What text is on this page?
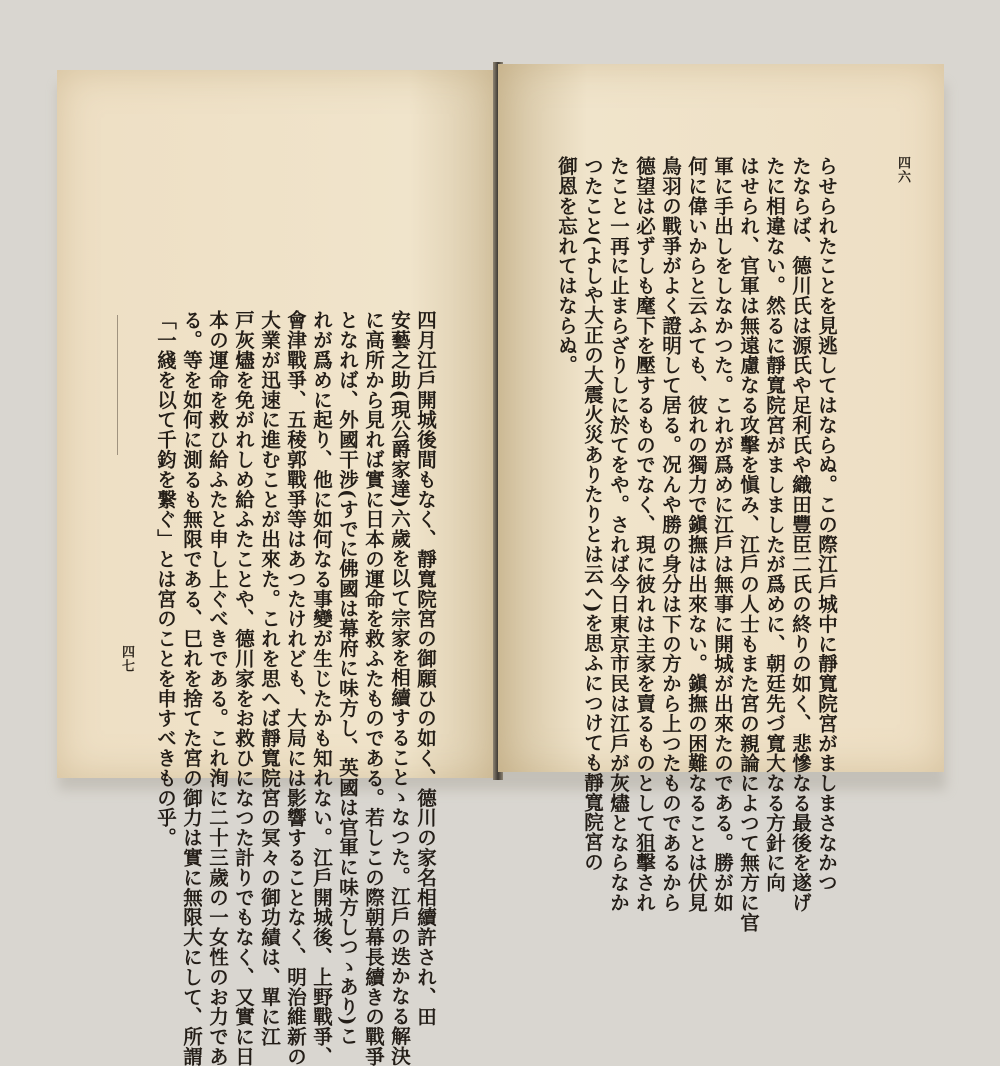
四七	四月江戶開城後間もなく、靜寬院宮の御願ひの如く、德川の家名相續許され、田
安藝之助(現公爵家達)六歲を以て宗家を相續することゝなつた。江戶の迭かなる解決
に高所から見れば實に日本の運命を救ふたものである。若しこの際朝幕長續きの戰爭
となれば、外國干涉(すでに佛國は幕府に味方し、英國は官軍に味方しつゝあり)こ
れが爲めに起り、他に如何なる事變が生じたかも知れない。江戶開城後、上野戰爭、
會津戰爭、五稜郭戰爭等はあつたけれども、大局には影響することなく、明治維新の
大業が迅速に進むことが出來た。これを思へば靜寬院宮の冥々の御功績は、單に江
戸灰燼を免がれしめ給ふたことや、德川家をお救ひになつた計りでもなく、又實に日
本の運命を救ひ給ふたと申し上ぐべきである。これ洵に二十三歲の一女性のお力であ
る。等を如何に測るも無限である、巳れを捨てた宮の御力は實に無限大にして、所謂
「一綫を以て千鈞を繋ぐ」とは宮のことを申すべきもの乎。
四六
らせられたことを見逃してはならぬ。この際江戶城中に靜寬院宮がましまさなかつ
たならば、德川氏は源氏や足利氏や織田豐臣二氏の終りの如く、悲慘なる最後を遂げ
たに相違ない。然るに靜寬院宮がましましたが爲めに、朝廷先づ寬大なる方針に向
はせられ、官軍は無遠慮なる攻擊を愼み、江戶の人士もまた宮の親論によつて無方に官
軍に手出しをしなかつた。これが爲めに江戶は無事に開城が出來たのである。勝が如
何に偉いからと云ふても、彼れの獨力で鎭撫は出來ない。鎭撫の困難なることは伏見
鳥羽の戰爭がよく證明して居る。况んや勝の身分は下の方から上つたものであるから
德望は必ずしも麾下を壓するものでなく、現に彼れは主家を賣るものとして狙擊され
たこと一再に止まらざりしに於てをや。されば今日東京市民は江戶が灰燼とならなか
つたこと(よしや大正の大震火災ありたりとは云へ)を思ふにつけても靜寬院宮の
御恩を忘れてはならぬ。
